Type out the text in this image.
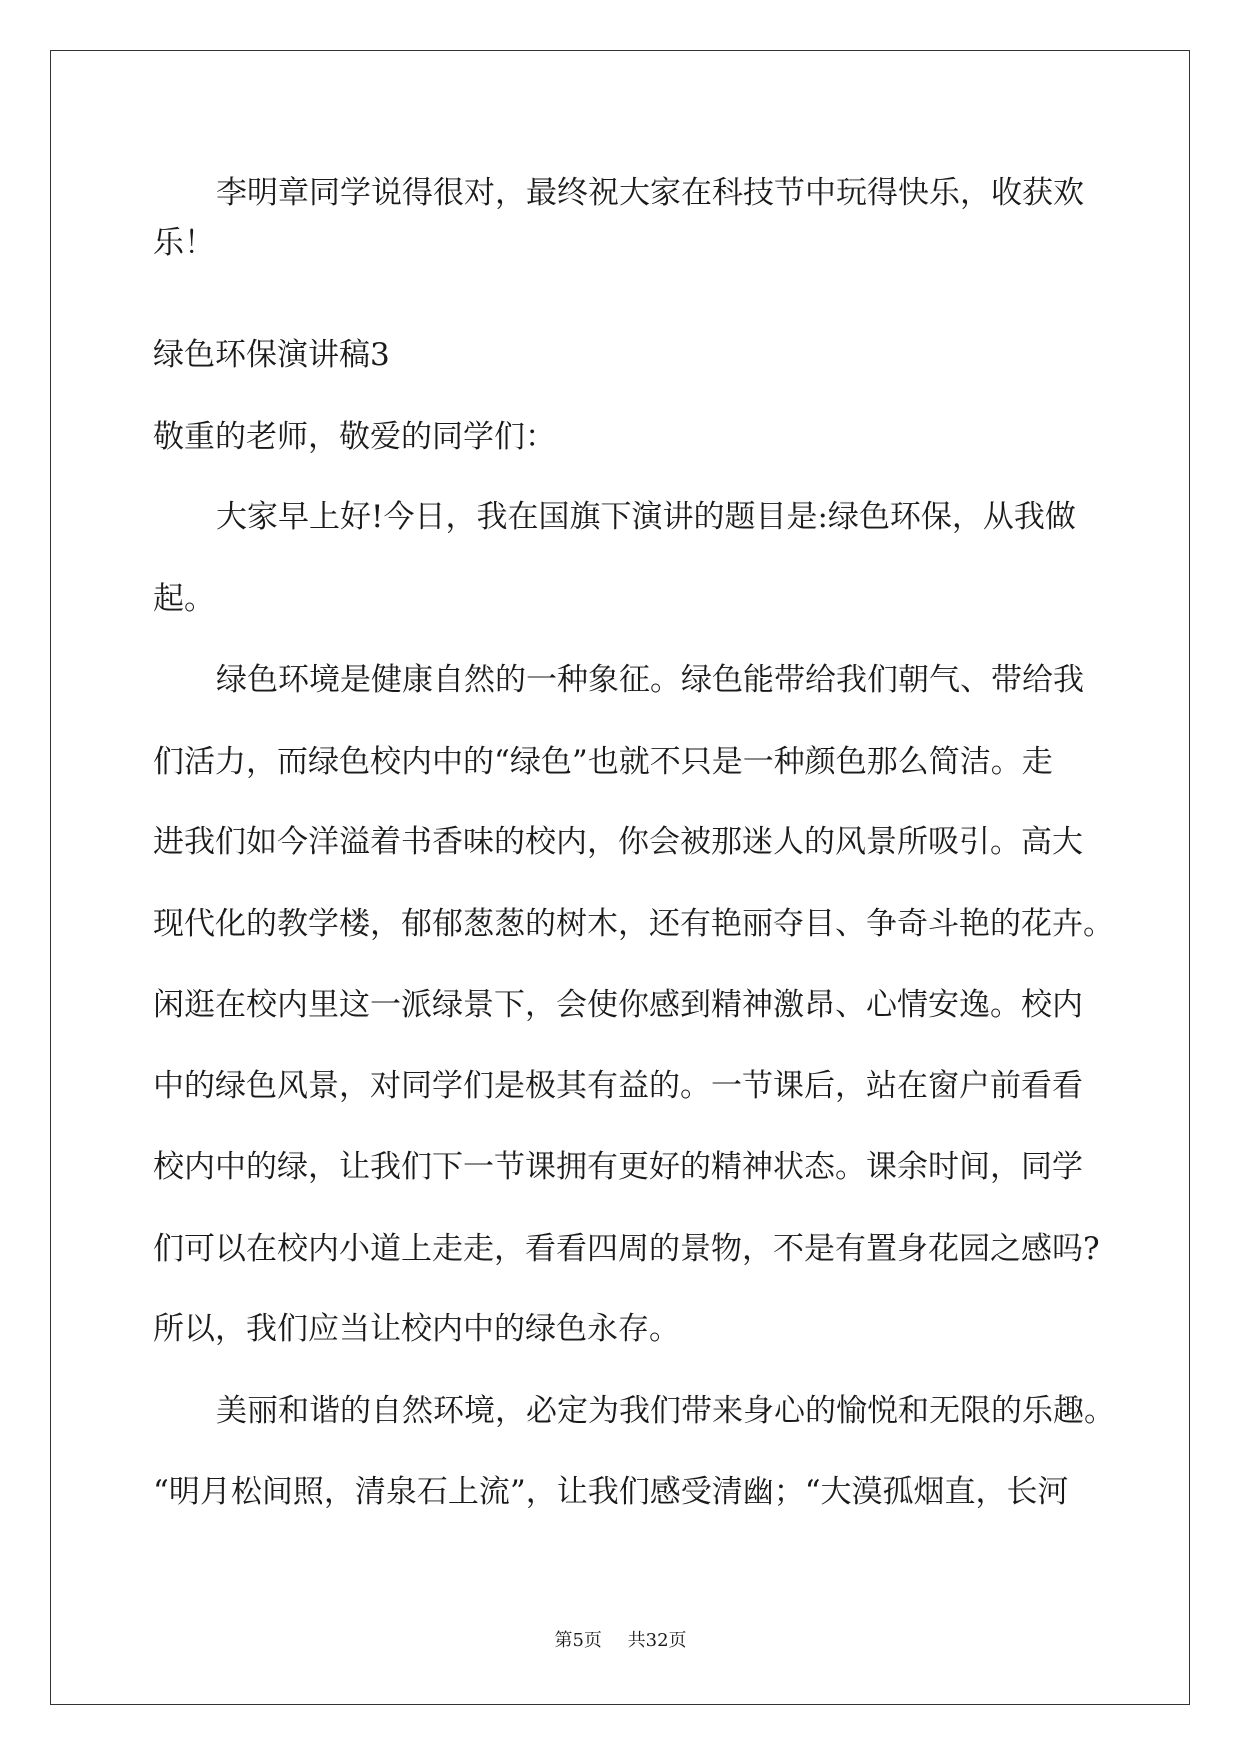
李明章同学说得很对，最终祝大家在科技节中玩得快乐，收获欢
乐！
绿色环保演讲稿3
敬重的老师，敬爱的同学们：
大家早上好!今日，我在国旗下演讲的题目是:绿色环保，从我做
起。
绿色环境是健康自然的一种象征。绿色能带给我们朝气、带给我
们活力，而绿色校内中的“绿色”也就不只是一种颜色那么简洁。走
进我们如今洋溢着书香味的校内，你会被那迷人的风景所吸引。高大
现代化的教学楼，郁郁葱葱的树木，还有艳丽夺目、争奇斗艳的花卉。
闲逛在校内里这一派绿景下，会使你感到精神激昂、心情安逸。校内
中的绿色风景，对同学们是极其有益的。一节课后，站在窗户前看看
校内中的绿，让我们下一节课拥有更好的精神状态。课余时间，同学
们可以在校内小道上走走，看看四周的景物，不是有置身花园之感吗?
所以，我们应当让校内中的绿色永存。
美丽和谐的自然环境，必定为我们带来身心的愉悦和无限的乐趣。
“明月松间照，清泉石上流”，让我们感受清幽；“大漠孤烟直，长河
第5页 共32页
